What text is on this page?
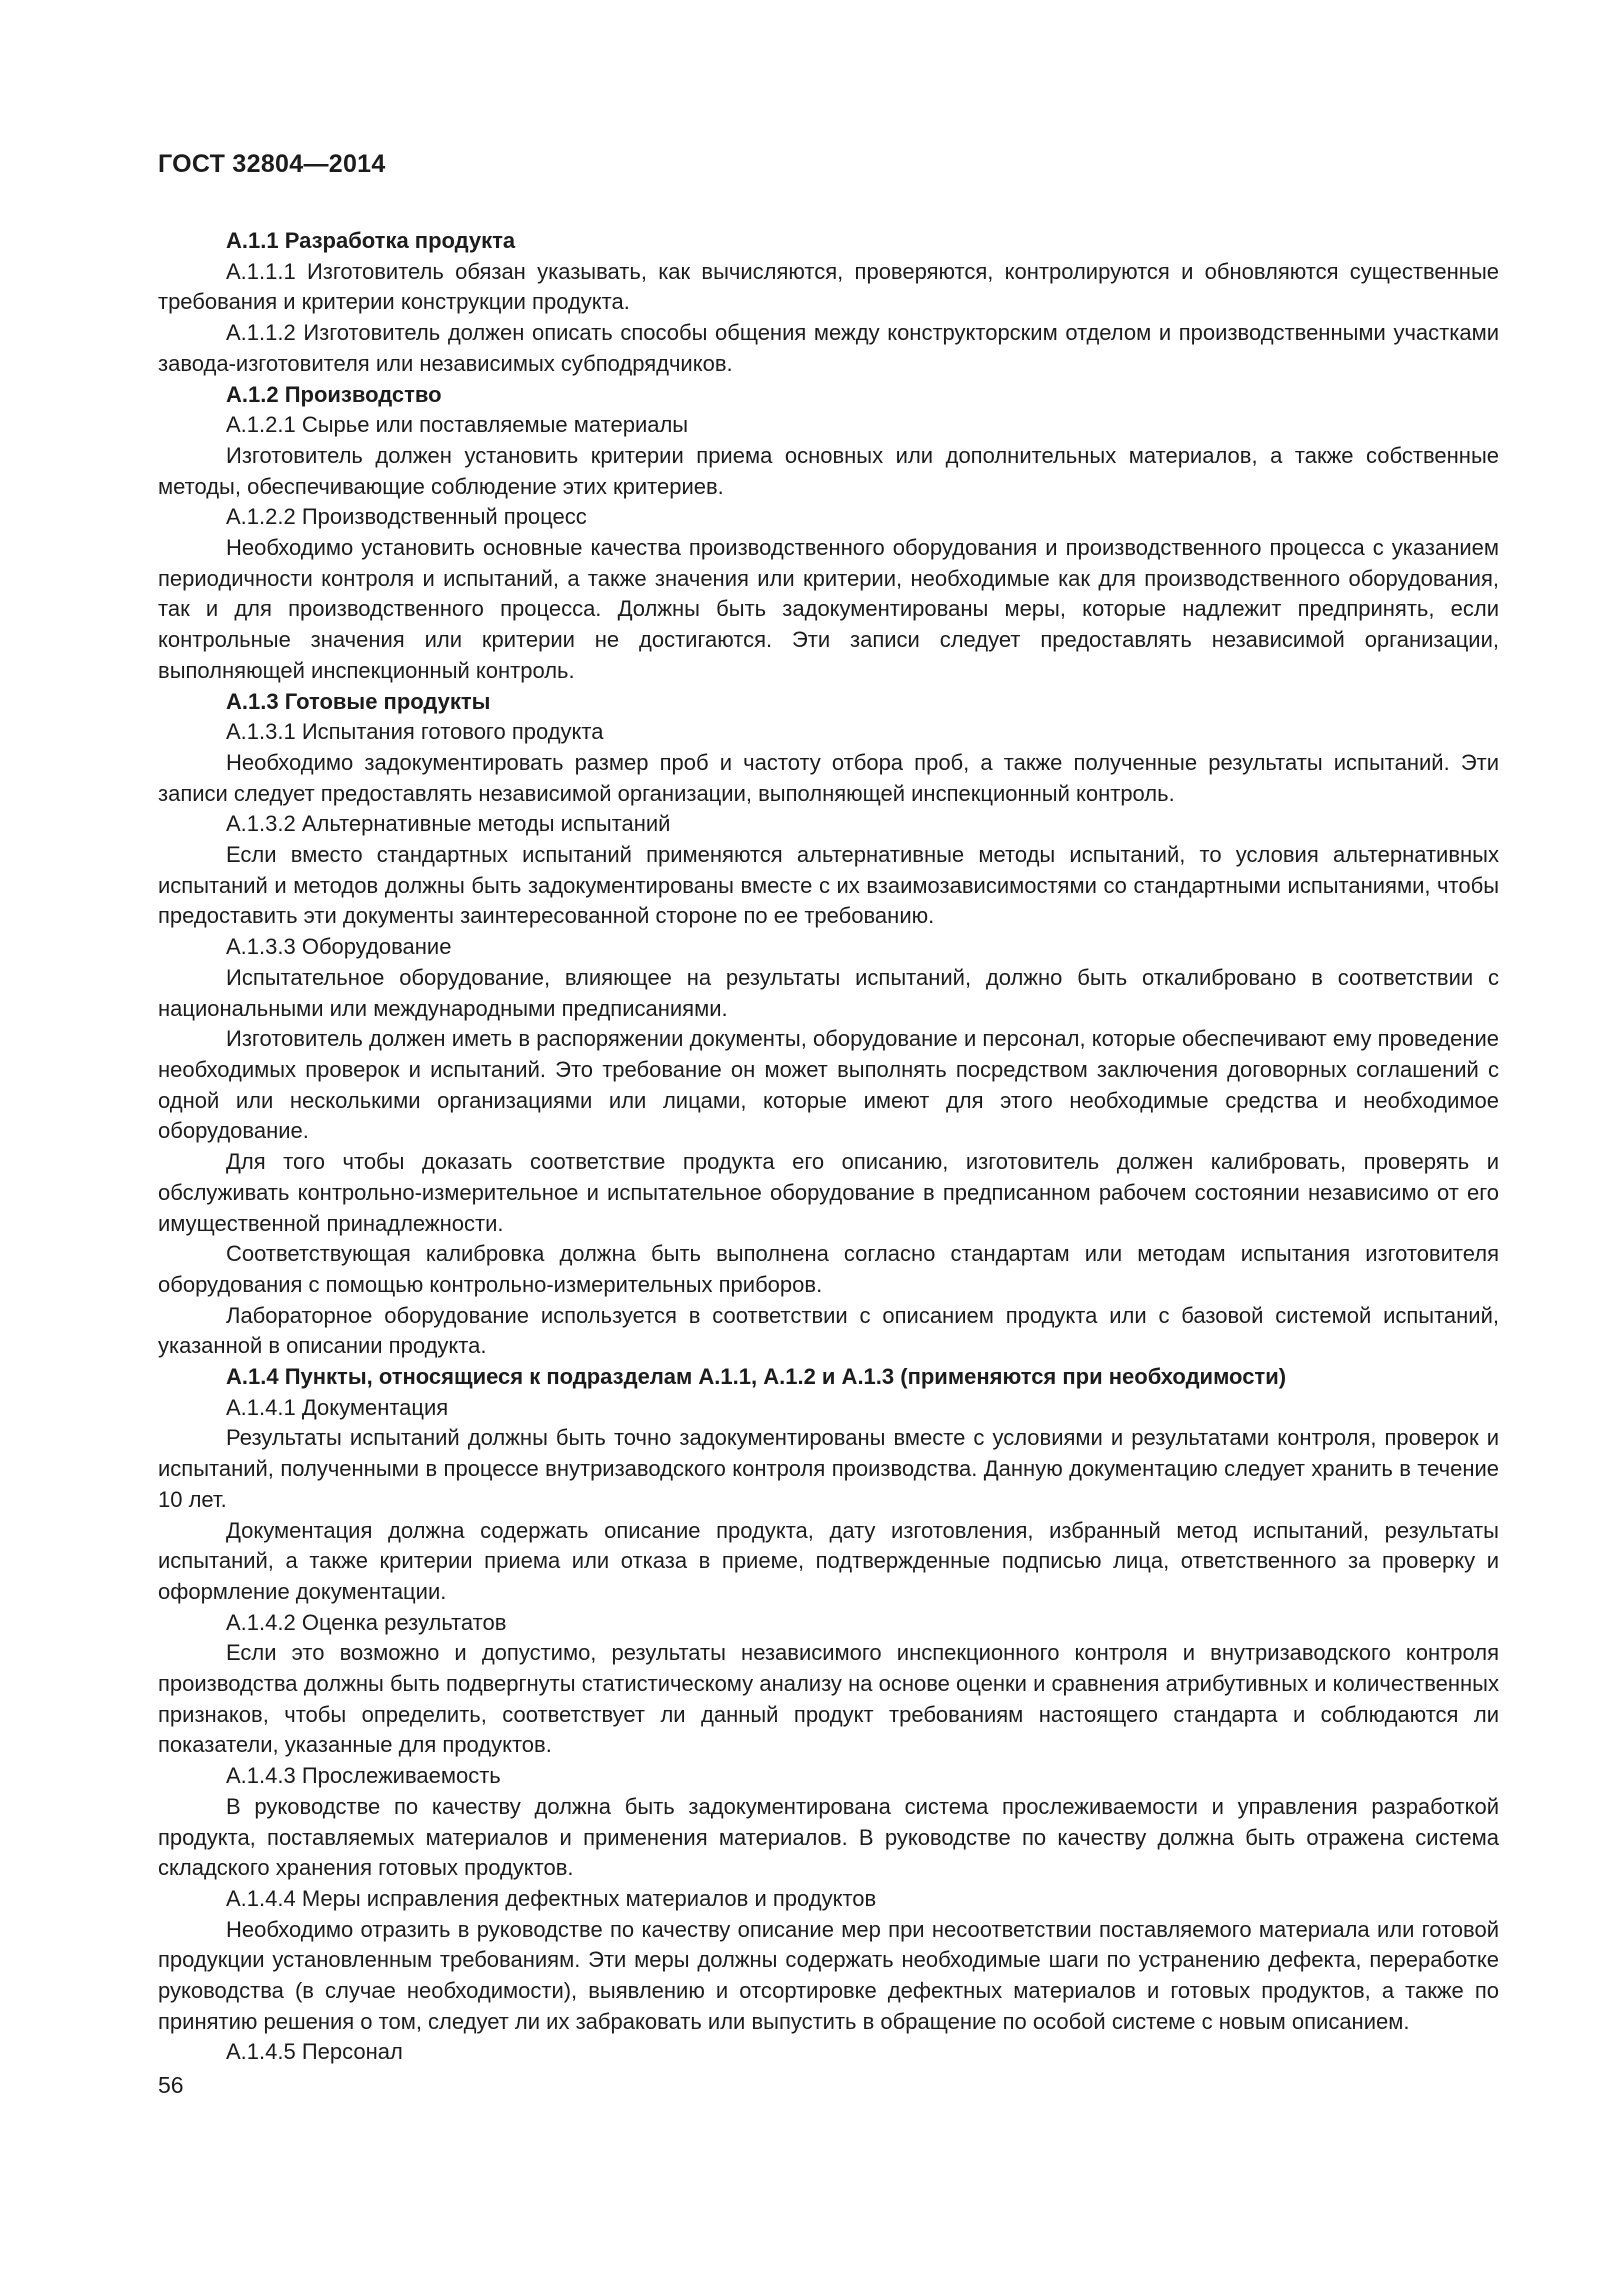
ГОСТ 32804—2014

А.1.1 Разработка продукта

А.1.1.1 Изготовитель обязан указывать, как вычисляются, проверяются, контролируются и обновляются существенные требования и критерии конструкции продукта.

А.1.1.2 Изготовитель должен описать способы общения между конструкторским отделом и производственными участками завода-изготовителя или независимых субподрядчиков.

А.1.2 Производство

А.1.2.1 Сырье или поставляемые материалы

Изготовитель должен установить критерии приема основных или дополнительных материалов, а также собственные методы, обеспечивающие соблюдение этих критериев.

А.1.2.2 Производственный процесс

Необходимо установить основные качества производственного оборудования и производственного процесса с указанием периодичности контроля и испытаний, а также значения или критерии, необходимые как для производственного оборудования, так и для производственного процесса. Должны быть задокументированы меры, которые надлежит предпринять, если контрольные значения или критерии не достигаются. Эти записи следует предоставлять независимой организации, выполняющей инспекционный контроль.

А.1.3 Готовые продукты

А.1.3.1 Испытания готового продукта

Необходимо задокументировать размер проб и частоту отбора проб, а также полученные результаты испытаний. Эти записи следует предоставлять независимой организации, выполняющей инспекционный контроль.

А.1.3.2 Альтернативные методы испытаний

Если вместо стандартных испытаний применяются альтернативные методы испытаний, то условия альтернативных испытаний и методов должны быть задокументированы вместе с их взаимозависимостями со стандартными испытаниями, чтобы предоставить эти документы заинтересованной стороне по ее требованию.

А.1.3.3 Оборудование

Испытательное оборудование, влияющее на результаты испытаний, должно быть откалибровано в соответствии с национальными или международными предписаниями.

Изготовитель должен иметь в распоряжении документы, оборудование и персонал, которые обеспечивают ему проведение необходимых проверок и испытаний. Это требование он может выполнять посредством заключения договорных соглашений с одной или несколькими организациями или лицами, которые имеют для этого необходимые средства и необходимое оборудование.

Для того чтобы доказать соответствие продукта его описанию, изготовитель должен калибровать, проверять и обслуживать контрольно-измерительное и испытательное оборудование в предписанном рабочем состоянии независимо от его имущественной принадлежности.

Соответствующая калибровка должна быть выполнена согласно стандартам или методам испытания изготовителя оборудования с помощью контрольно-измерительных приборов.

Лабораторное оборудование используется в соответствии с описанием продукта или с базовой системой испытаний, указанной в описании продукта.

А.1.4 Пункты, относящиеся к подразделам А.1.1, А.1.2 и А.1.3 (применяются при необходимости)

А.1.4.1 Документация

Результаты испытаний должны быть точно задокументированы вместе с условиями и результатами контроля, проверок и испытаний, полученными в процессе внутризаводского контроля производства. Данную документацию следует хранить в течение 10 лет.

Документация должна содержать описание продукта, дату изготовления, избранный метод испытаний, результаты испытаний, а также критерии приема или отказа в приеме, подтвержденные подписью лица, ответственного за проверку и оформление документации.

А.1.4.2 Оценка результатов

Если это возможно и допустимо, результаты независимого инспекционного контроля и внутризаводского контроля производства должны быть подвергнуты статистическому анализу на основе оценки и сравнения атрибутивных и количественных признаков, чтобы определить, соответствует ли данный продукт требованиям настоящего стандарта и соблюдаются ли показатели, указанные для продуктов.

А.1.4.3 Прослеживаемость

В руководстве по качеству должна быть задокументирована система прослеживаемости и управления разработкой продукта, поставляемых материалов и применения материалов. В руководстве по качеству должна быть отражена система складского хранения готовых продуктов.

А.1.4.4 Меры исправления дефектных материалов и продуктов

Необходимо отразить в руководстве по качеству описание мер при несоответствии поставляемого материала или готовой продукции установленным требованиям. Эти меры должны содержать необходимые шаги по устранению дефекта, переработке руководства (в случае необходимости), выявлению и отсортировке дефектных материалов и готовых продуктов, а также по принятию решения о том, следует ли их забраковать или выпустить в обращение по особой системе с новым описанием.

А.1.4.5 Персонал

56
